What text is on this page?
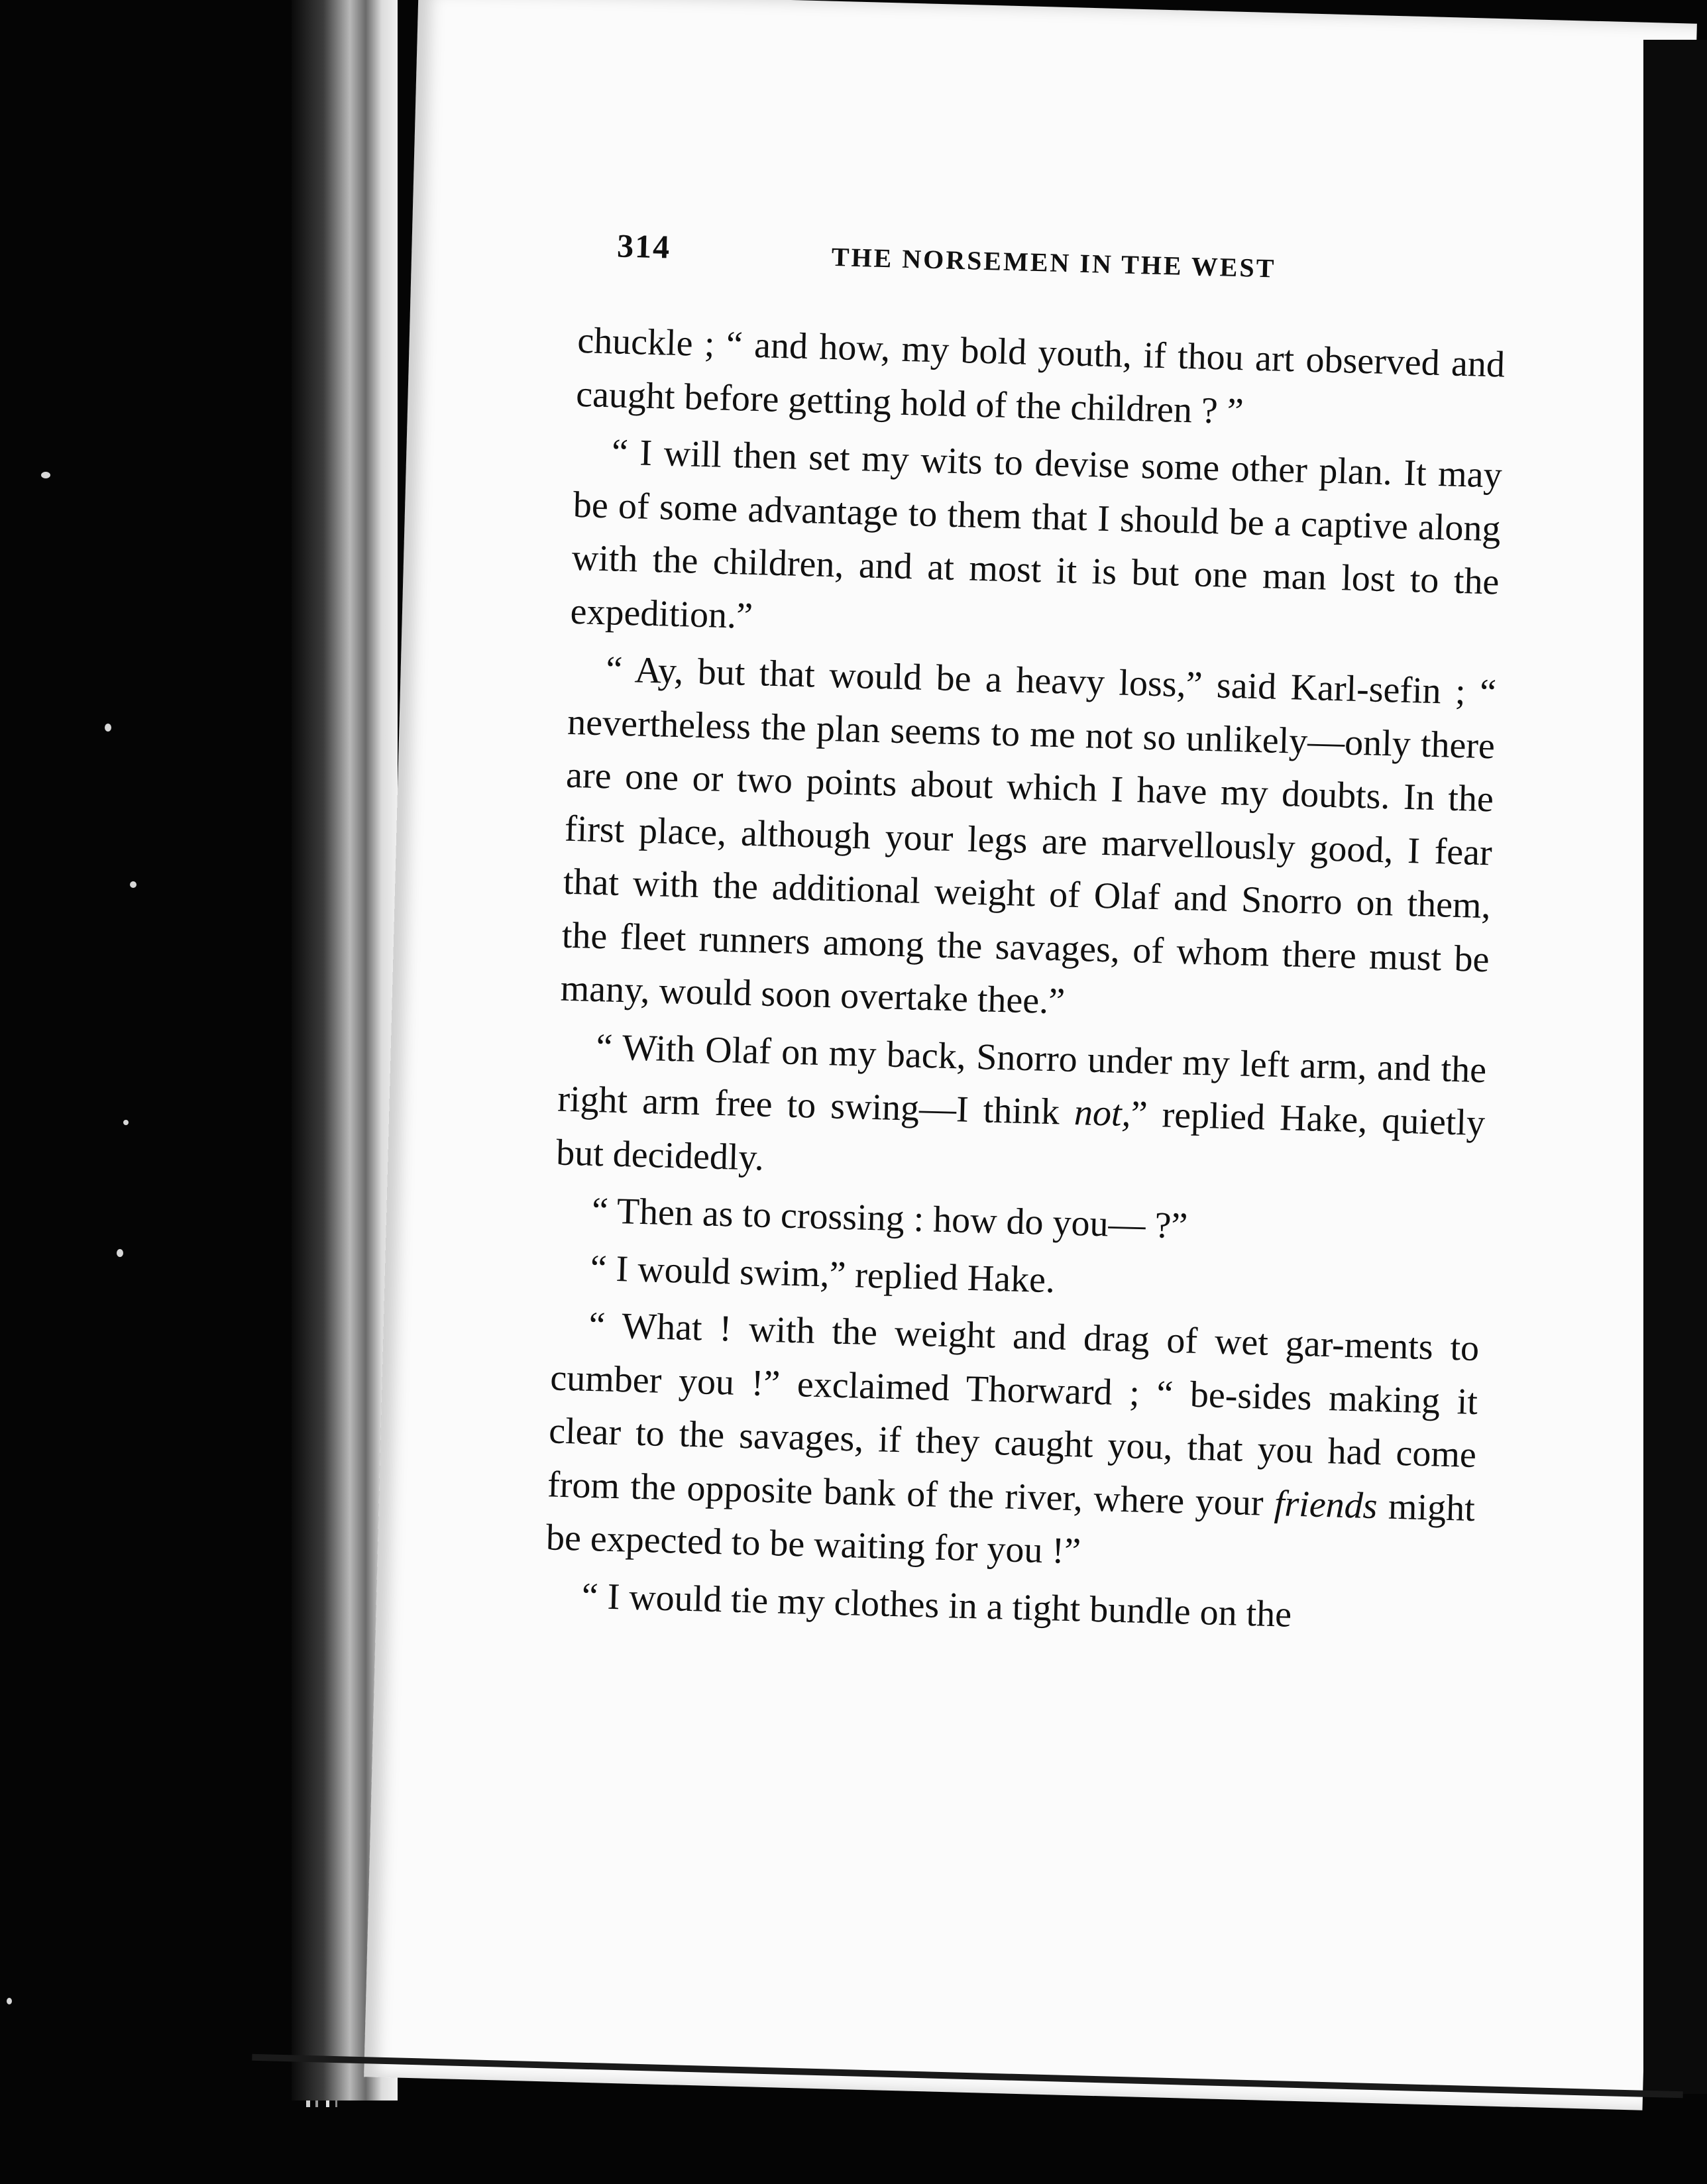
314	THE NORSEMEN IN THE WEST

chuckle ; “ and how, my bold youth, if thou art observed and caught before getting hold of the children ? ”

“ I will then set my wits to devise some other plan. It may be of some advantage to them that I should be a captive along with the children, and at most it is but one man lost to the expedition.”

“ Ay, but that would be a heavy loss,” said Karl-sefin ; “ nevertheless the plan seems to me not so unlikely—only there are one or two points about which I have my doubts. In the first place, although your legs are marvellously good, I fear that with the additional weight of Olaf and Snorro on them, the fleet runners among the savages, of whom there must be many, would soon overtake thee.”

“ With Olaf on my back, Snorro under my left arm, and the right arm free to swing—I think not,” replied Hake, quietly but decidedly.

“ Then as to crossing : how do you— ?”

“ I would swim,” replied Hake.

“ What ! with the weight and drag of wet gar-ments to cumber you !” exclaimed Thorward ; “ be-sides making it clear to the savages, if they caught you, that you had come from the opposite bank of the river, where your friends might be expected to be waiting for you !”

“ I would tie my clothes in a tight bundle on the
